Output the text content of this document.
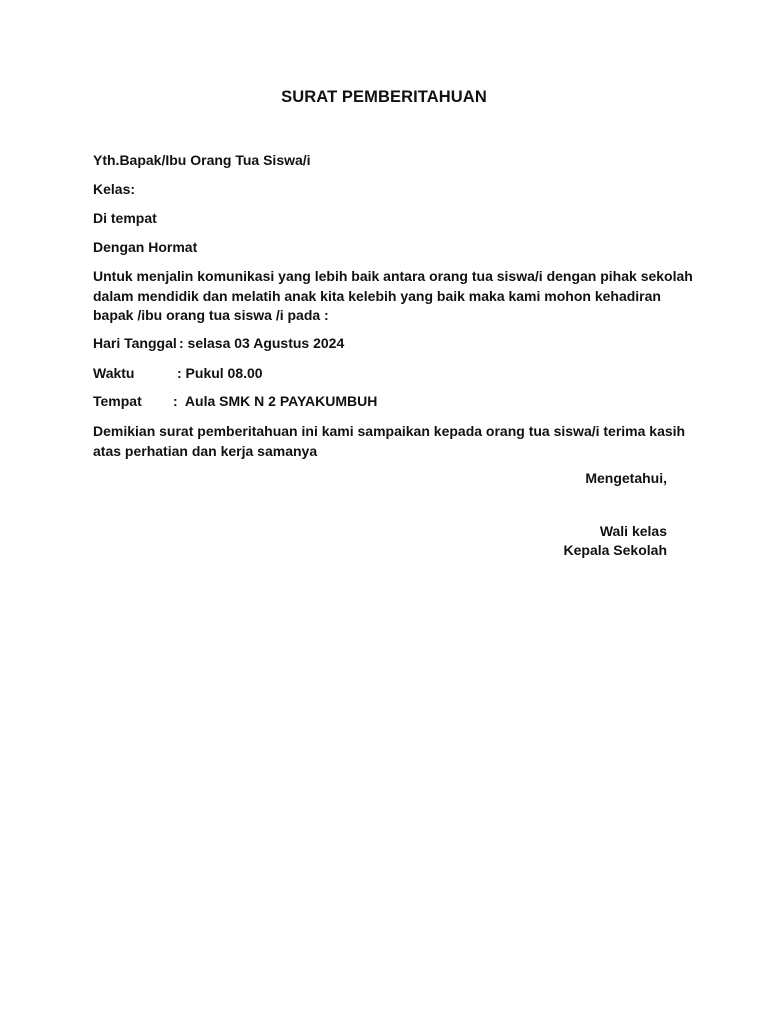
SURAT PEMBERITAHUAN
Yth.Bapak/Ibu Orang Tua Siswa/i
Kelas:
Di tempat
Dengan Hormat
Untuk menjalin komunikasi yang lebih baik antara orang tua siswa/i dengan pihak sekolah
dalam mendidik dan melatih anak kita kelebih yang baik maka kami mohon kehadiran
bapak /ibu orang tua siswa /i pada :
Hari Tanggal : selasa 03 Agustus 2024
Waktu	: Pukul 08.00
Tempat :  Aula SMK N 2 PAYAKUMBUH
Demikian surat pemberitahuan ini kami sampaikan kepada orang tua siswa/i terima kasih
atas perhatian dan kerja samanya
Mengetahui,
Wali kelas
Kepala Sekolah
